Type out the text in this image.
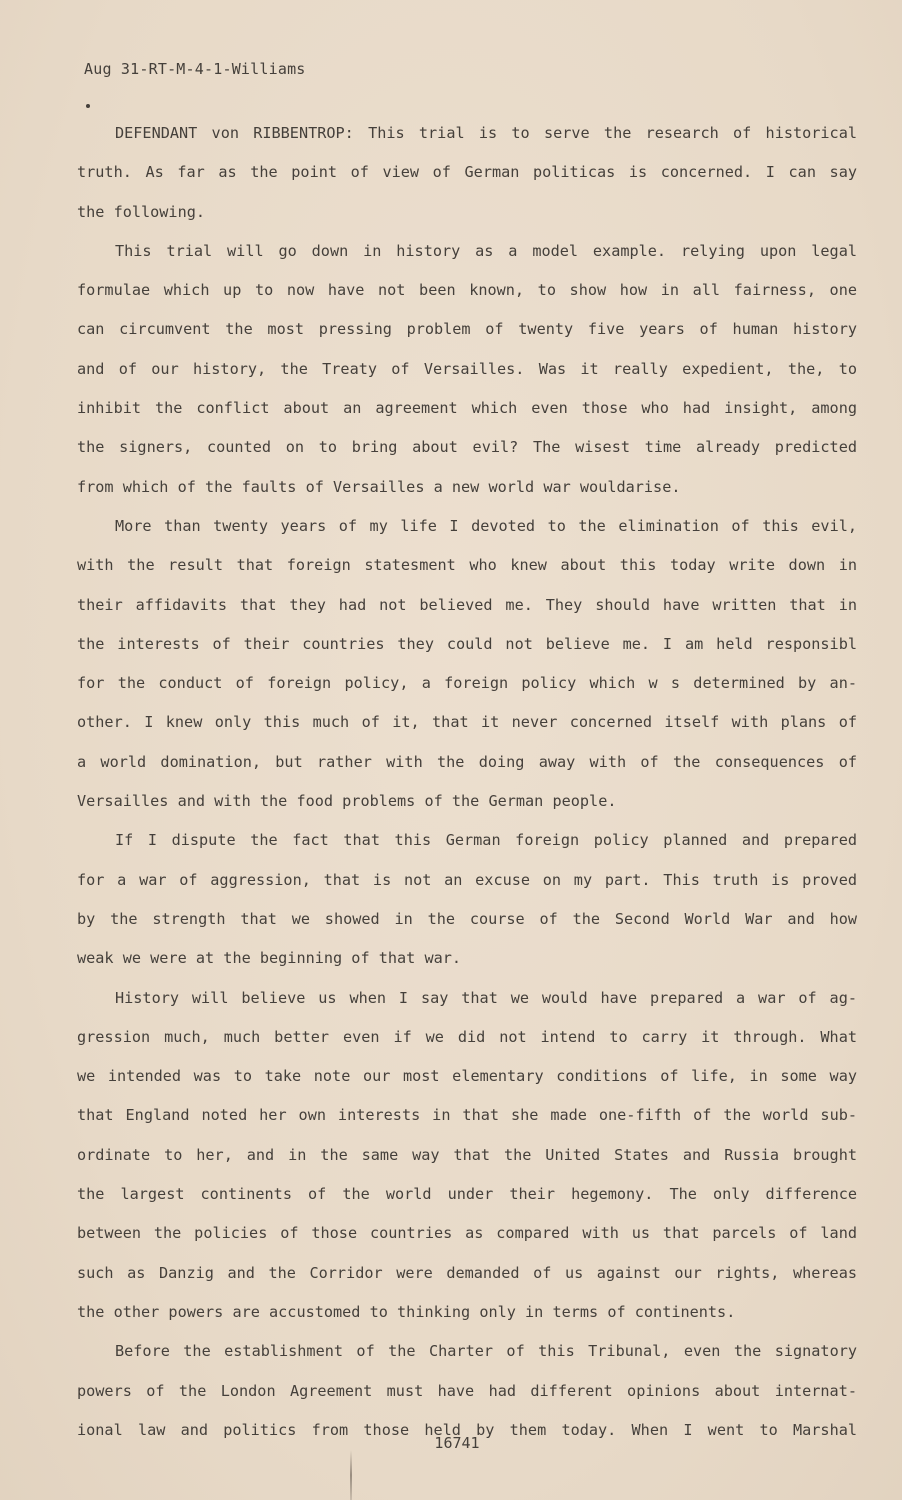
Aug 31-RT-M-4-1-Williams
DEFENDANT von RIBBENTROP: This trial is to serve the research of historical
truth. As far as the point of view of German politicas is concerned. I can say
the following.
This trial will go down in history as a model example. relying upon legal
formulae which up to now have not been known, to show how in all fairness, one
can circumvent the most pressing problem of twenty five years of human history
and of our history, the Treaty of Versailles. Was it really expedient, the, to
inhibit the conflict about an agreement which even those who had insight, among
the signers, counted on to bring about evil? The wisest time already predicted
from which of the faults of Versailles a new world war wouldarise.
More than twenty years of my life I devoted to the elimination of this evil,
with the result that foreign statesment who knew about this today write down in
their affidavits that they had not believed me. They should have written that in
the interests of their countries they could not believe me. I am held responsibl
for the conduct of foreign policy, a foreign policy which w s determined by an-
other. I knew only this much of it, that it never concerned itself with plans of
a world domination, but rather with the doing away with of the consequences of
Versailles and with the food problems of the German people.
If I dispute the fact that this German foreign policy planned and prepared
for a war of aggression, that is not an excuse on my part. This truth is proved
by the strength that we showed in the course of the Second World War and how
weak we were at the beginning of that war.
History will believe us when I say that we would have prepared a war of ag-
gression much, much better even if we did not intend to carry it through. What
we intended was to take note our most elementary conditions of life, in some way
that England noted her own interests in that she made one-fifth of the world sub-
ordinate to her, and in the same way that the United States and Russia brought
the largest continents of the world under their hegemony. The only difference
between the policies of those countries as compared with us that parcels of land
such as Danzig and the Corridor were demanded of us against our rights, whereas
the other powers are accustomed to thinking only in terms of continents.
Before the establishment of the Charter of this Tribunal, even the signatory
powers of the London Agreement must have had different opinions about internat-
ional law and politics from those held by them today. When I went to Marshal
16741
